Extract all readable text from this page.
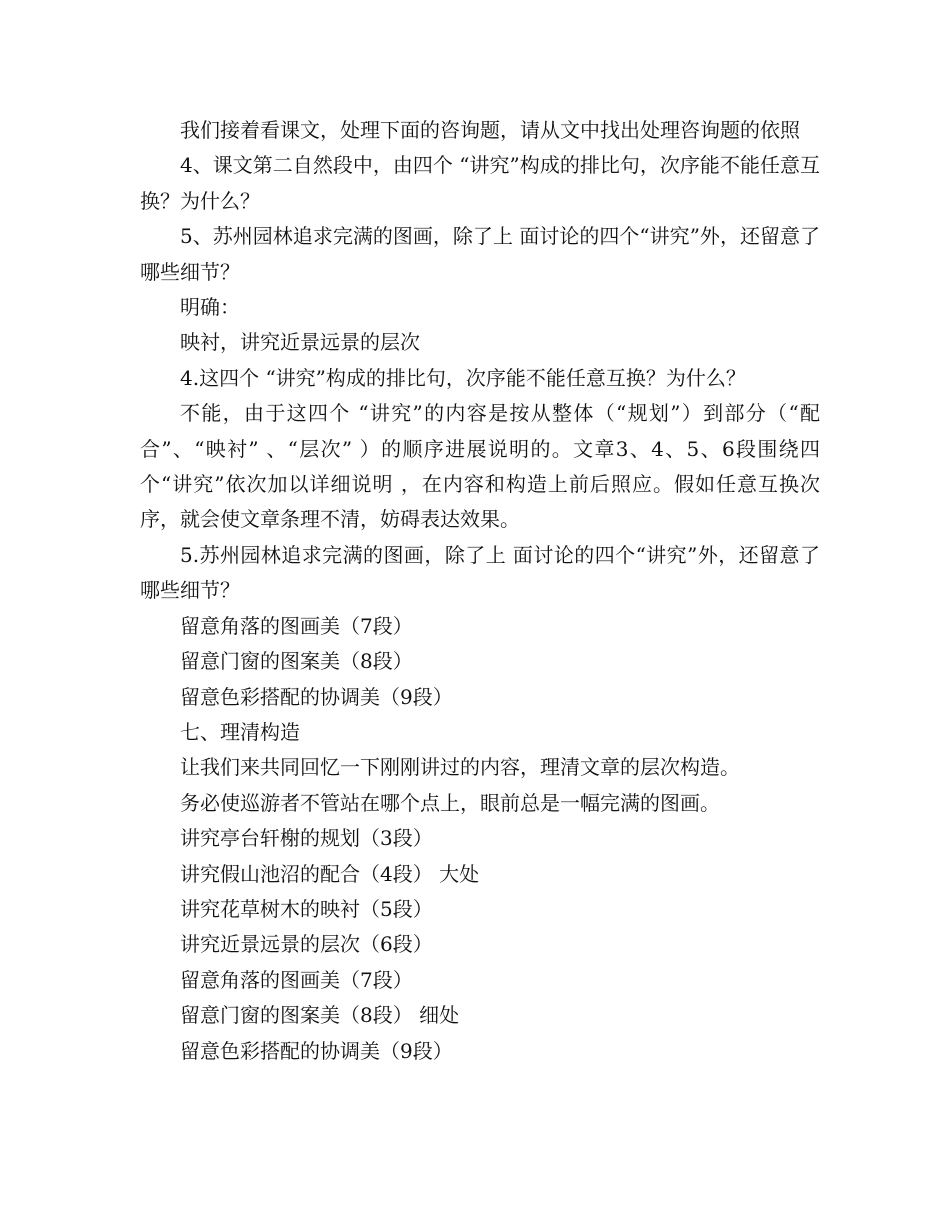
我们接着看课文，处理下面的咨询题，请从文中找出处理咨询题的依照

4、课文第二自然段中，由四个 “讲究”构成的排比句，次序能不能任意互换？为什么？

5、苏州园林追求完满的图画，除了上 面讨论的四个“讲究”外，还留意了哪些细节？

明确：

映衬，讲究近景远景的层次

4.这四个 “讲究”构成的排比句，次序能不能任意互换？为什么？

不能，由于这四个 “讲究”的内容是按从整体（“规划”）到部分（“配合”、“映衬” 、“层次” ）的顺序进展说明的。文章3、4、5、6段围绕四个“讲究”依次加以详细说明 ，在内容和构造上前后照应。假如任意互换次序，就会使文章条理不清，妨碍表达效果。

5.苏州园林追求完满的图画，除了上 面讨论的四个“讲究”外，还留意了哪些细节？

留意角落的图画美（7段）

留意门窗的图案美（8段）

留意色彩搭配的协调美（9段）

七、理清构造

让我们来共同回忆一下刚刚讲过的内容，理清文章的层次构造。

务必使巡游者不管站在哪个点上，眼前总是一幅完满的图画。

讲究亭台轩榭的规划（3段）

讲究假山池沼的配合（4段） 大处

讲究花草树木的映衬（5段）

讲究近景远景的层次（6段）

留意角落的图画美（7段）

留意门窗的图案美（8段） 细处

留意色彩搭配的协调美（9段）
